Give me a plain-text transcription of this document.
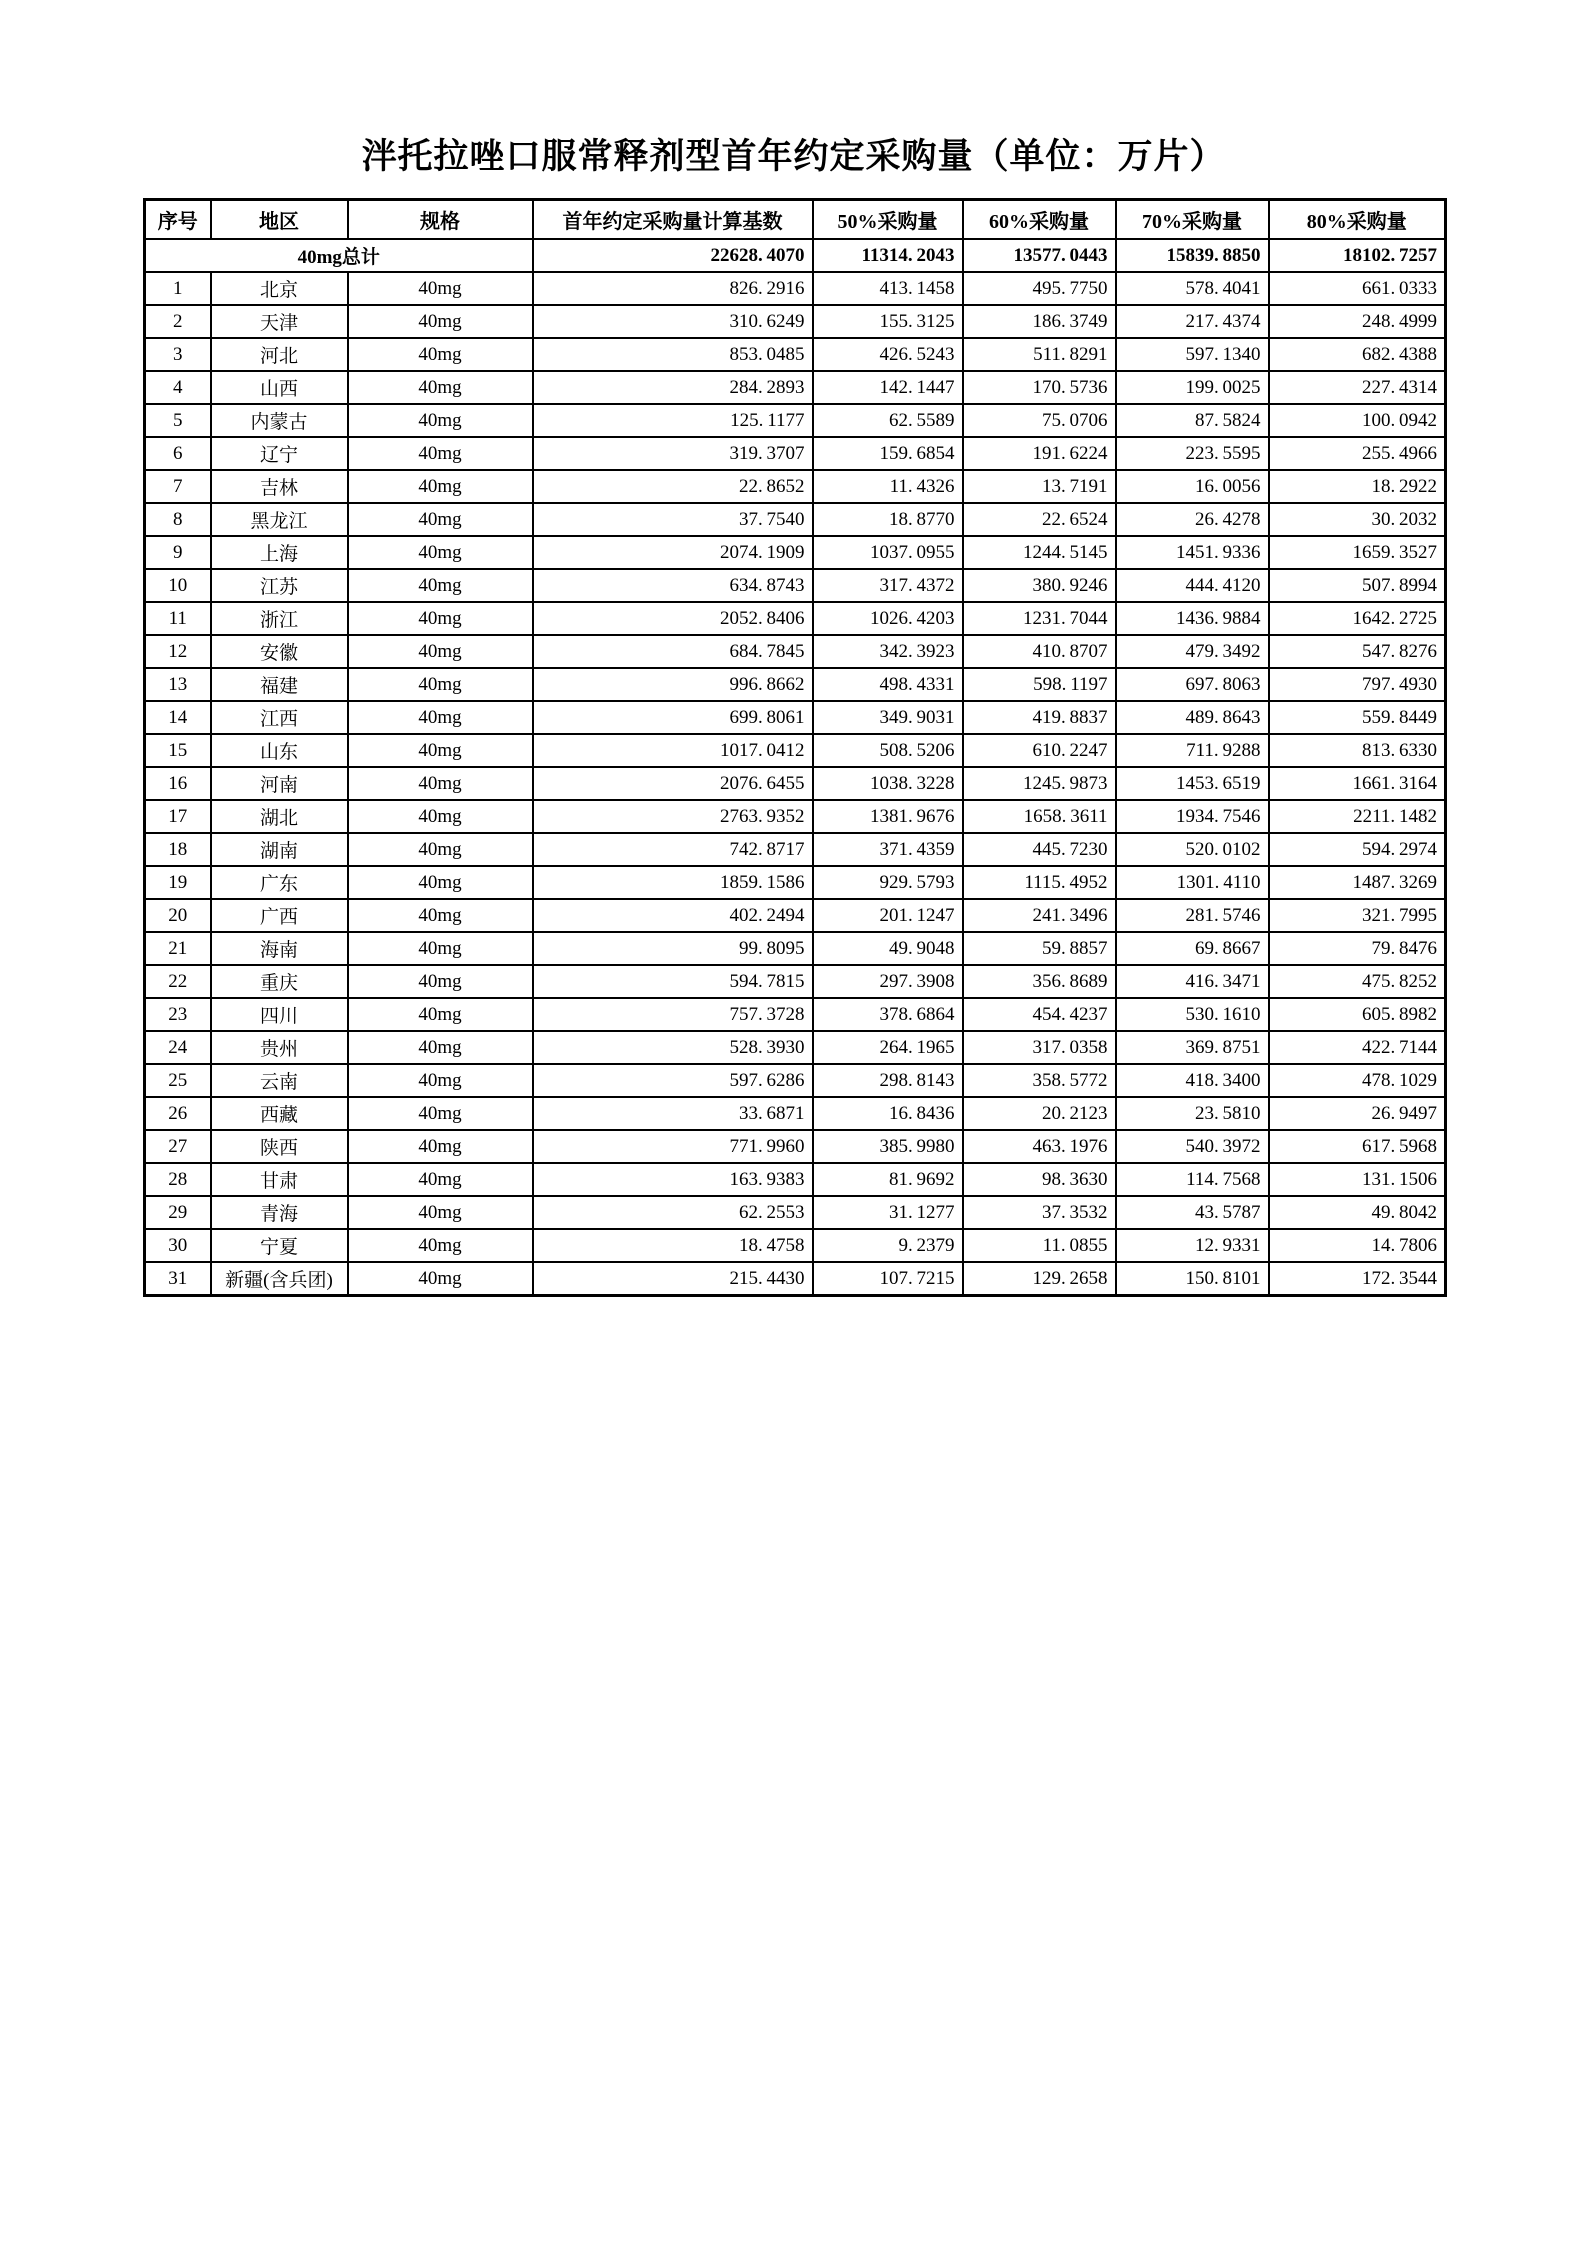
泮托拉唑口服常释剂型首年约定采购量（单位：万片）
序号	地区	规格	首年约定采购量计算基数	50%采购量	60%采购量	70%采购量	80%采购量
40mg总计			22628. 4070	11314. 2043	13577. 0443	15839. 8850	18102. 7257
1	北京	40mg	826. 2916	413. 1458	495. 7750	578. 4041	661. 0333
2	天津	40mg	310. 6249	155. 3125	186. 3749	217. 4374	248. 4999
3	河北	40mg	853. 0485	426. 5243	511. 8291	597. 1340	682. 4388
4	山西	40mg	284. 2893	142. 1447	170. 5736	199. 0025	227. 4314
5	内蒙古	40mg	125. 1177	62. 5589	75. 0706	87. 5824	100. 0942
6	辽宁	40mg	319. 3707	159. 6854	191. 6224	223. 5595	255. 4966
7	吉林	40mg	22. 8652	11. 4326	13. 7191	16. 0056	18. 2922
8	黑龙江	40mg	37. 7540	18. 8770	22. 6524	26. 4278	30. 2032
9	上海	40mg	2074. 1909	1037. 0955	1244. 5145	1451. 9336	1659. 3527
10	江苏	40mg	634. 8743	317. 4372	380. 9246	444. 4120	507. 8994
11	浙江	40mg	2052. 8406	1026. 4203	1231. 7044	1436. 9884	1642. 2725
12	安徽	40mg	684. 7845	342. 3923	410. 8707	479. 3492	547. 8276
13	福建	40mg	996. 8662	498. 4331	598. 1197	697. 8063	797. 4930
14	江西	40mg	699. 8061	349. 9031	419. 8837	489. 8643	559. 8449
15	山东	40mg	1017. 0412	508. 5206	610. 2247	711. 9288	813. 6330
16	河南	40mg	2076. 6455	1038. 3228	1245. 9873	1453. 6519	1661. 3164
17	湖北	40mg	2763. 9352	1381. 9676	1658. 3611	1934. 7546	2211. 1482
18	湖南	40mg	742. 8717	371. 4359	445. 7230	520. 0102	594. 2974
19	广东	40mg	1859. 1586	929. 5793	1115. 4952	1301. 4110	1487. 3269
20	广西	40mg	402. 2494	201. 1247	241. 3496	281. 5746	321. 7995
21	海南	40mg	99. 8095	49. 9048	59. 8857	69. 8667	79. 8476
22	重庆	40mg	594. 7815	297. 3908	356. 8689	416. 3471	475. 8252
23	四川	40mg	757. 3728	378. 6864	454. 4237	530. 1610	605. 8982
24	贵州	40mg	528. 3930	264. 1965	317. 0358	369. 8751	422. 7144
25	云南	40mg	597. 6286	298. 8143	358. 5772	418. 3400	478. 1029
26	西藏	40mg	33. 6871	16. 8436	20. 2123	23. 5810	26. 9497
27	陕西	40mg	771. 9960	385. 9980	463. 1976	540. 3972	617. 5968
28	甘肃	40mg	163. 9383	81. 9692	98. 3630	114. 7568	131. 1506
29	青海	40mg	62. 2553	31. 1277	37. 3532	43. 5787	49. 8042
30	宁夏	40mg	18. 4758	9. 2379	11. 0855	12. 9331	14. 7806
31	新疆(含兵团)	40mg	215. 4430	107. 7215	129. 2658	150. 8101	172. 3544
